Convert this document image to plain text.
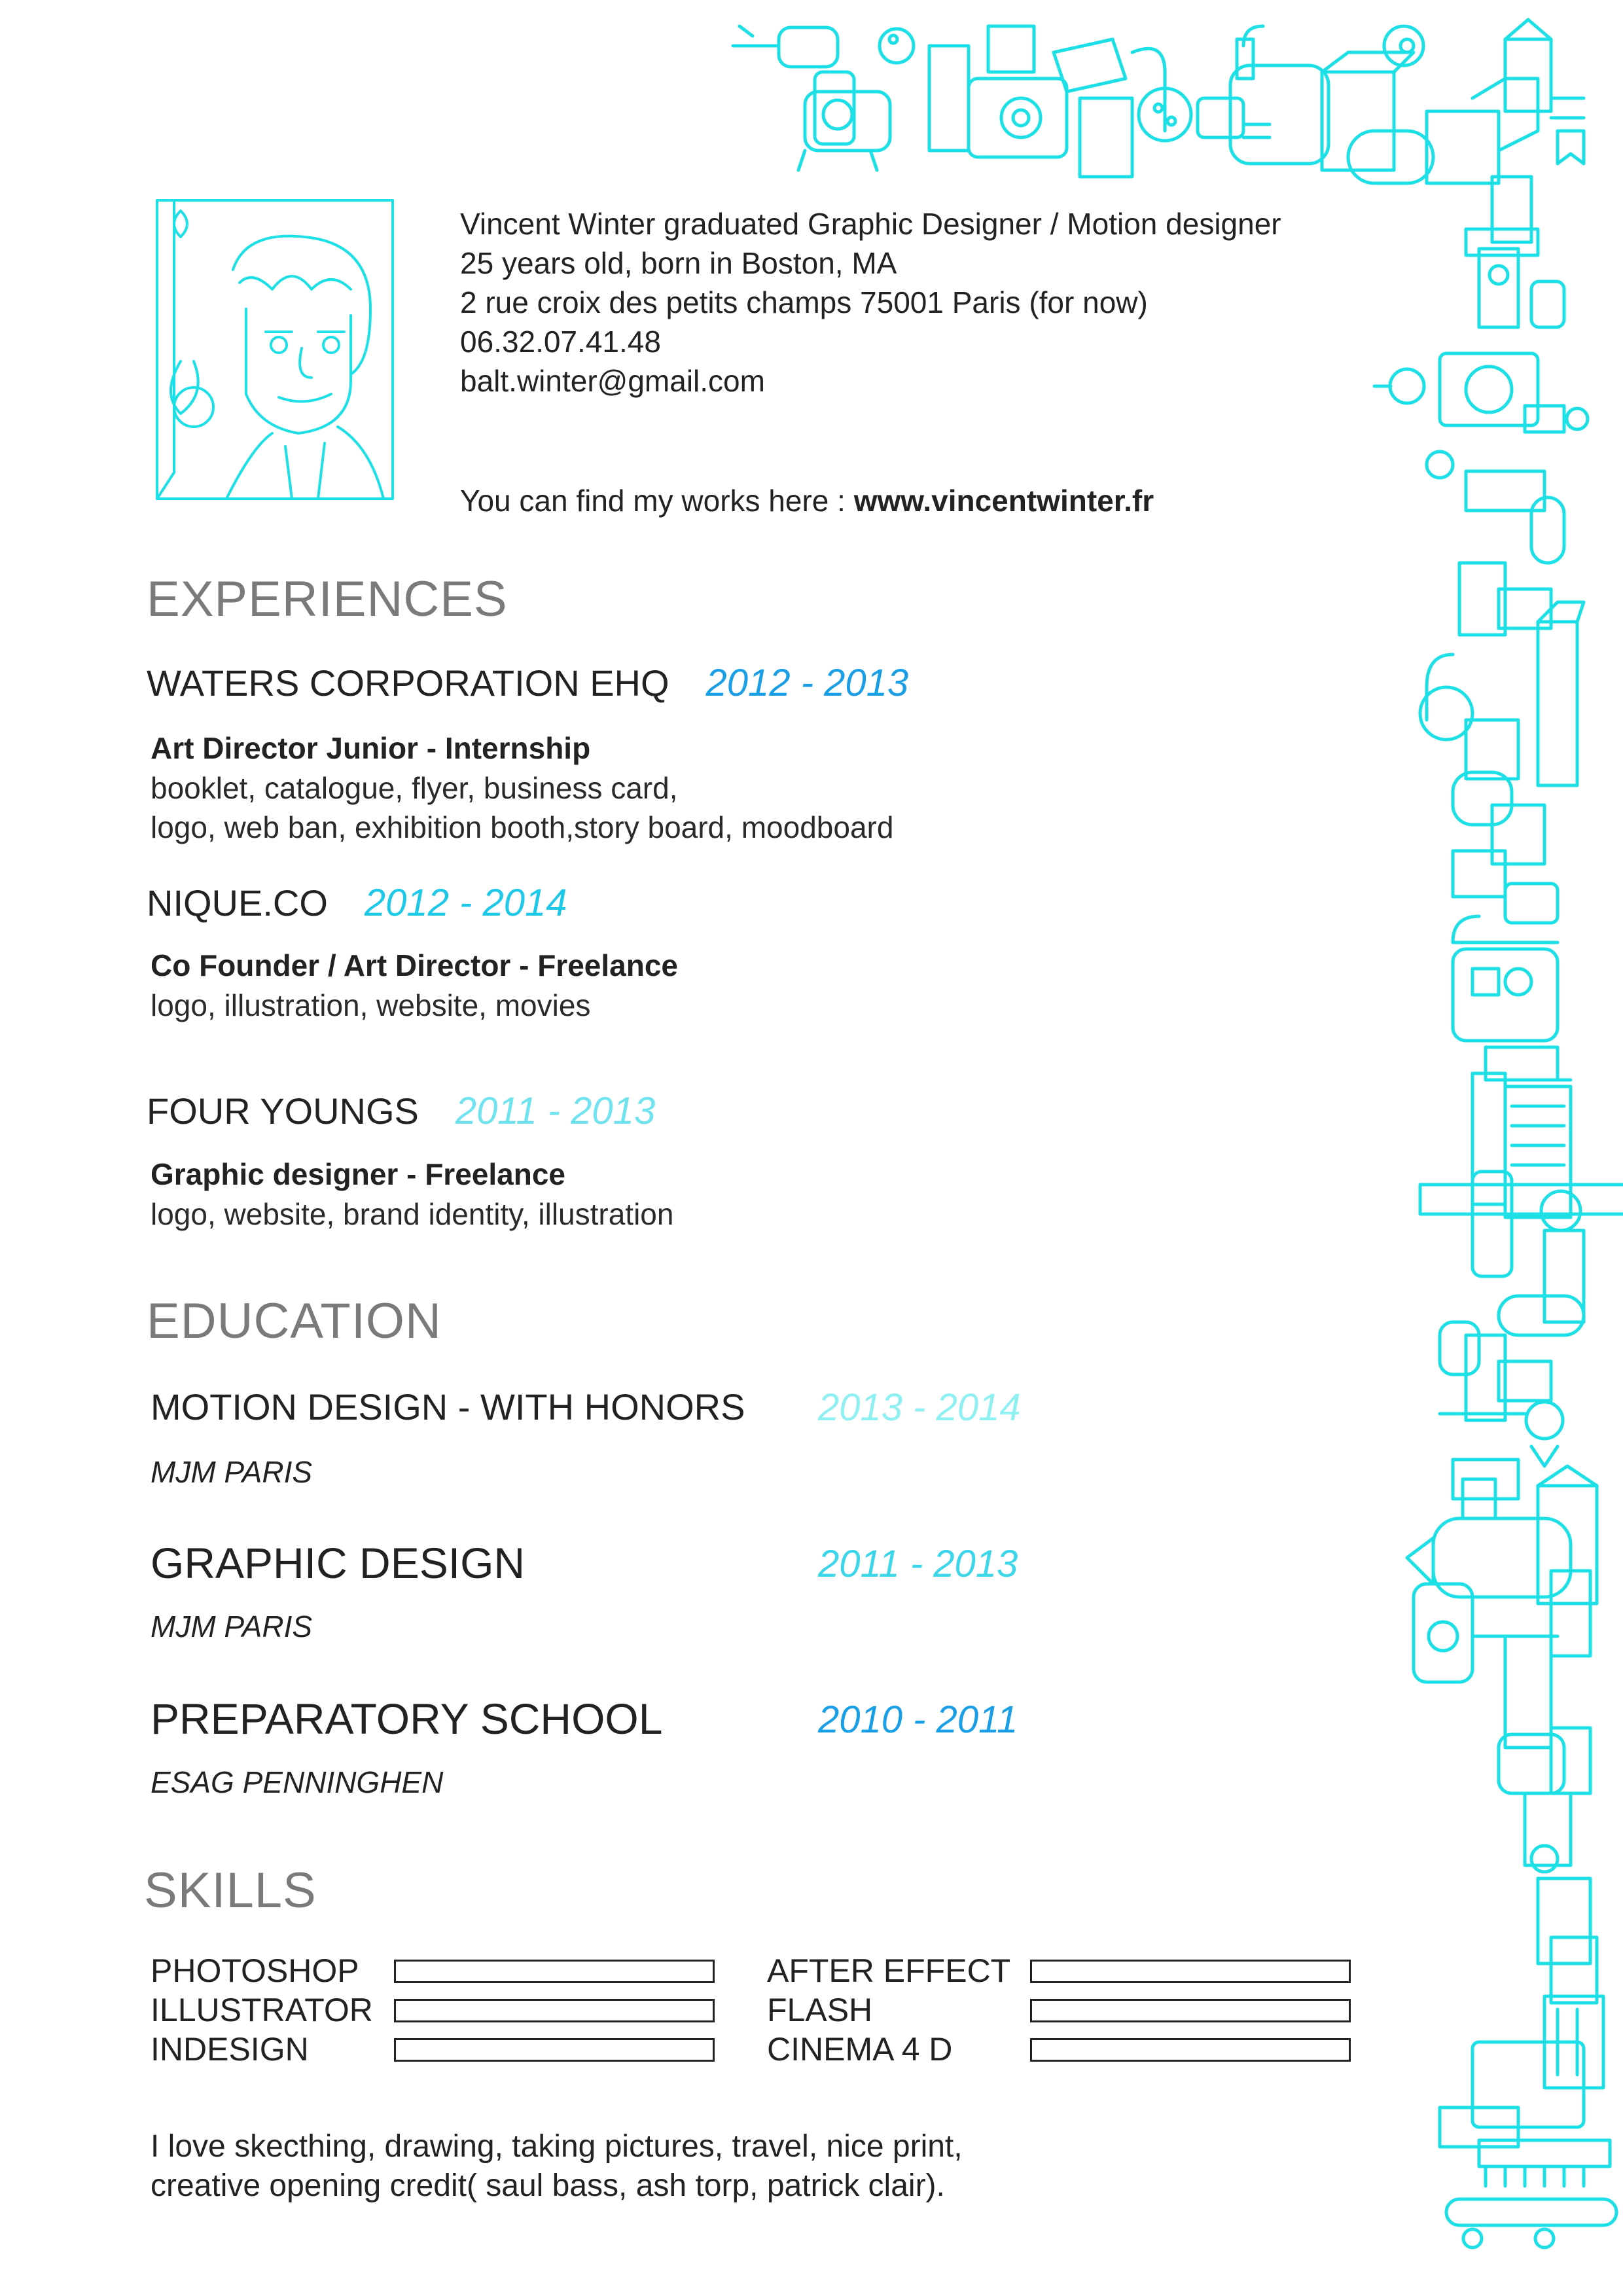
Vincent Winter graduated Graphic Designer / Motion designer
25 years old, born in Boston, MA
2 rue croix des petits champs 75001 Paris (for now)
06.32.07.41.48
balt.winter@gmail.com
You can find my works here : www.vincentwinter.fr
EXPERIENCES
WATERS CORPORATION EHQ 2012 - 2013
Art Director Junior - Internship
booklet, catalogue, flyer, business card,
logo, web ban, exhibition booth,story board, moodboard
NIQUE.CO 2012 - 2014
Co Founder / Art Director - Freelance
logo, illustration, website, movies
FOUR YOUNGS 2011 - 2013
Graphic designer - Freelance
logo, website, brand identity, illustration
EDUCATION
MOTION DESIGN - WITH HONORS 2013 - 2014
MJM PARIS
GRAPHIC DESIGN	2011 - 2013
MJM PARIS
PREPARATORY SCHOOL	2010 - 2011
ESAG PENNINGHEN
SKILLS
PHOTOSHOP
ILLUSTRATOR
INDESIGN
AFTER EFFECT
FLASH
CINEMA 4 D
I love skecthing, drawing, taking pictures, travel, nice print,
creative opening credit( saul bass, ash torp, patrick clair).
